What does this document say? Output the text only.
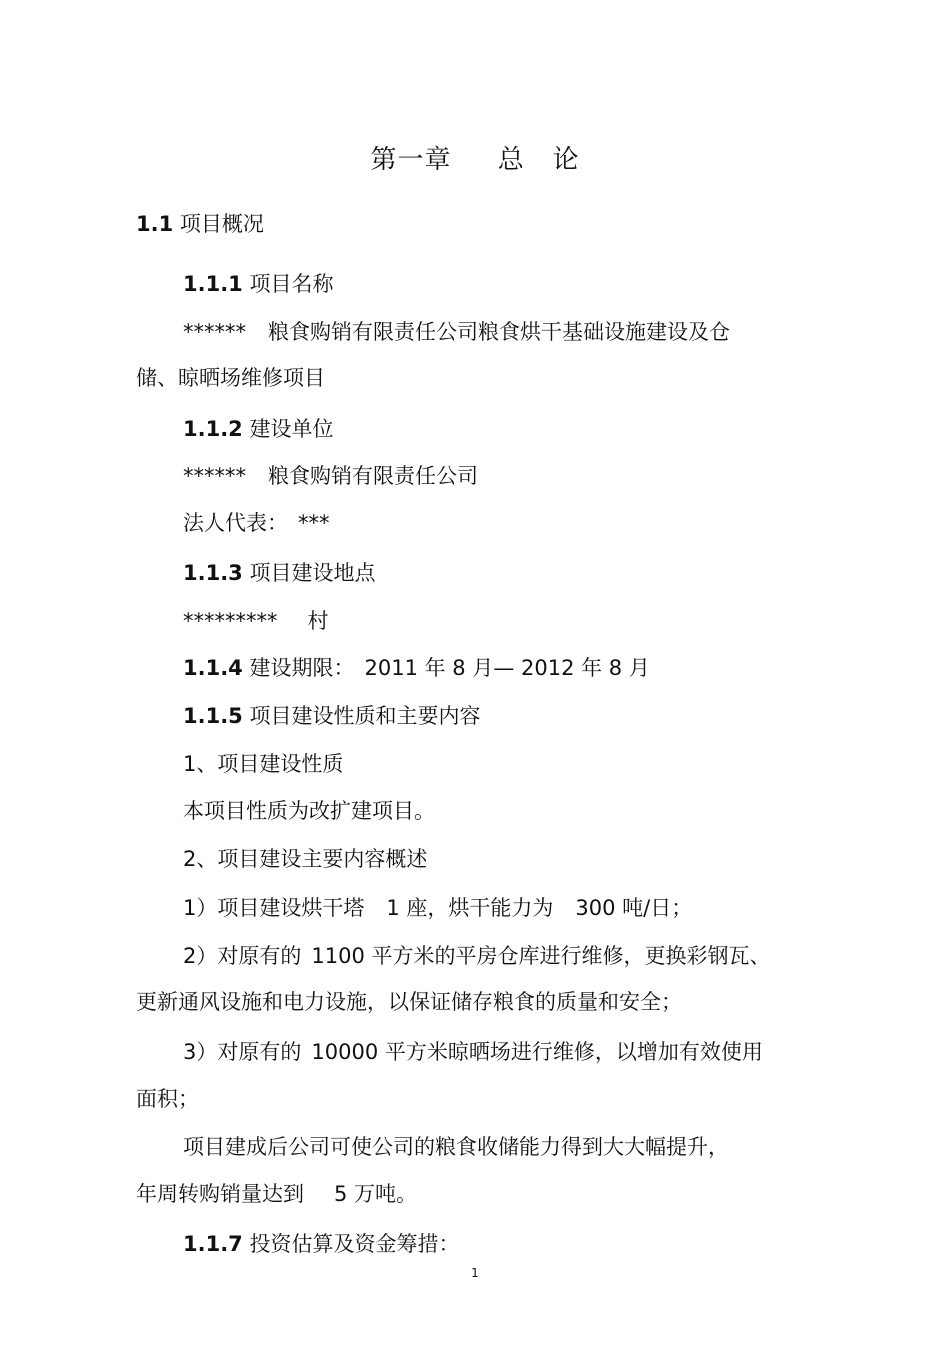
第一章     总   论
1.1 项目概况
1.1.1 项目名称
****** 粮食购销有限责任公司粮食烘干基础设施建设及仓
储、晾晒场维修项目
1.1.2 建设单位
****** 粮食购销有限责任公司
法人代表： ***
1.1.3 项目建设地点
********* 村
1.1.4 建设期限： 2011 年 8 月— 2012 年 8 月
1.1.5 项目建设性质和主要内容
1、项目建设性质
本项目性质为改扩建项目。
2、项目建设主要内容概述
1）项目建设烘干塔 1 座，烘干能力为 300 吨/日；
2）对原有的 1100 平方米的平房仓库进行维修，更换彩钢瓦、
更新通风设施和电力设施，以保证储存粮食的质量和安全；
3）对原有的 10000 平方米晾晒场进行维修，以增加有效使用
面积；
项目建成后公司可使公司的粮食收储能力得到大大幅提升，
年周转购销量达到 5 万吨。
1.1.7 投资估算及资金筹措：
1
